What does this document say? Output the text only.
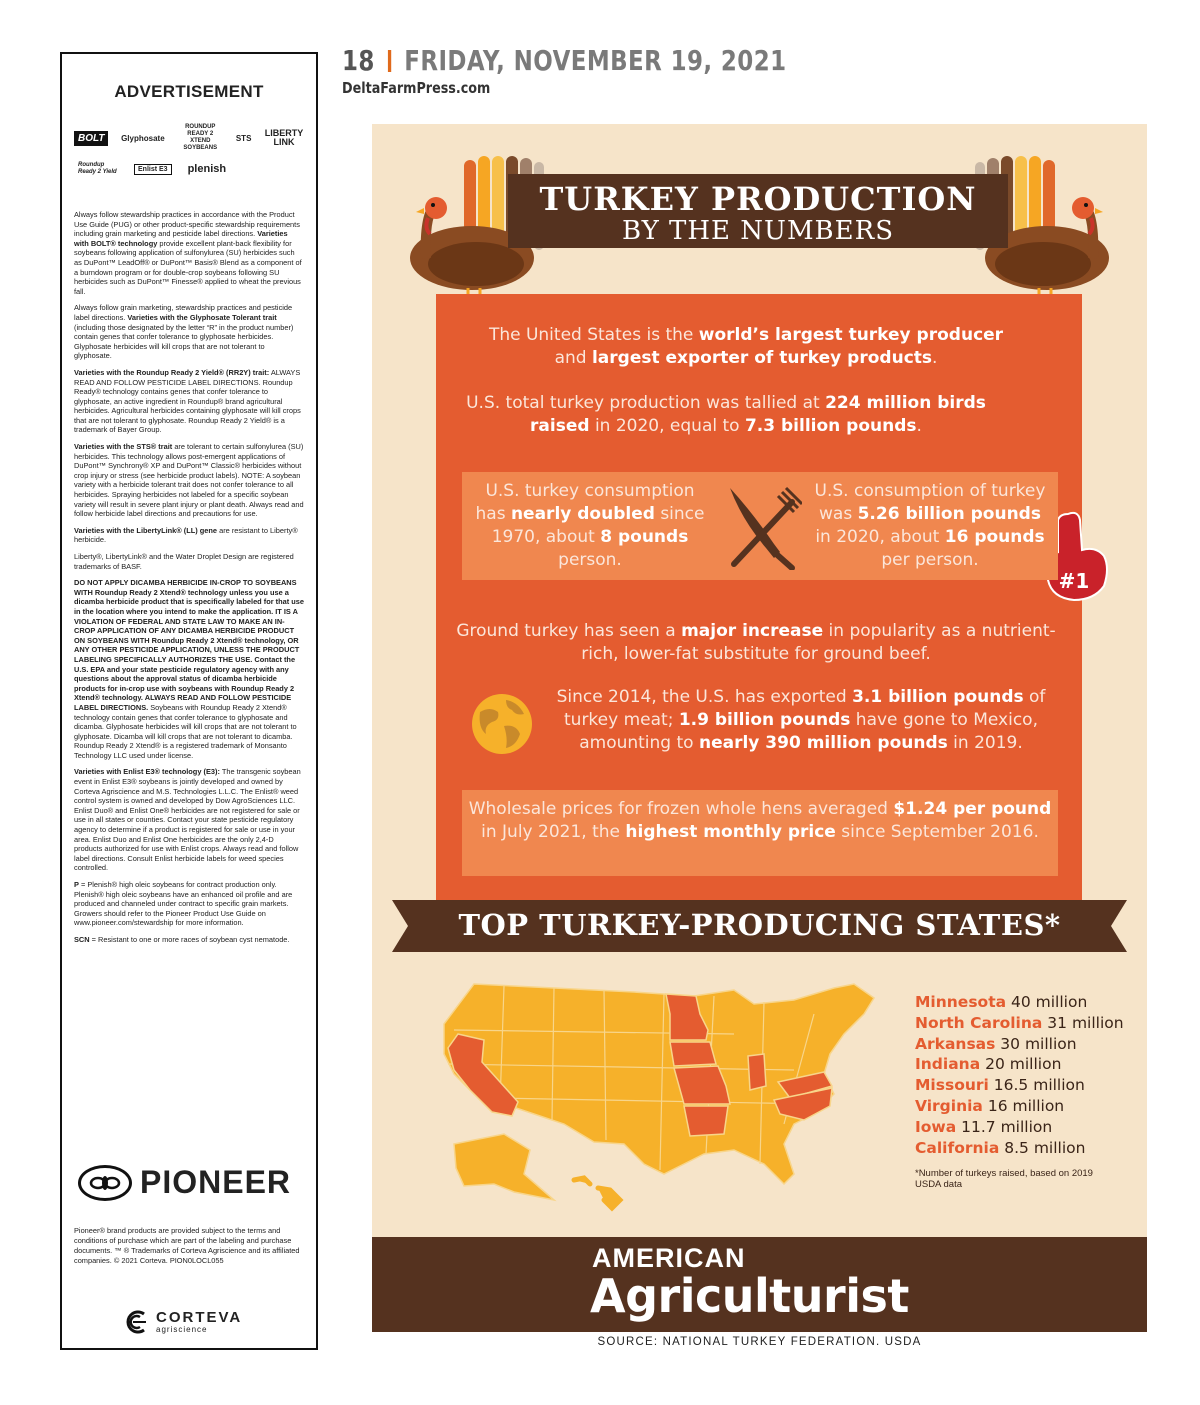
ADVERTISEMENT
BOLT	Glyphosate
ROUNDUP READY 2 XTEND SOYBEANS
STS LIBERTY LINK
Roundup Ready 2 Yield	Enlist E3	plenish

Always follow stewardship practices in accordance with the Product Use Guide (PUG) or other product-specific stewardship requirements including grain marketing and pesticide label directions. Varieties with BOLT® technology provide excellent plant-back flexibility for soybeans following application of sulfonylurea (SU) herbicides such as DuPont™ LeadOff® or DuPont™ Basis® Blend as a component of a burndown program or for double-crop soybeans following SU herbicides such as DuPont™ Finesse® applied to wheat the previous fall.

Always follow grain marketing, stewardship practices and pesticide label directions. Varieties with the Glyphosate Tolerant trait (including those designated by the letter “R” in the product number) contain genes that confer tolerance to glyphosate herbicides. Glyphosate herbicides will kill crops that are not tolerant to glyphosate.

Varieties with the Roundup Ready 2 Yield® (RR2Y) trait: ALWAYS READ AND FOLLOW PESTICIDE LABEL DIRECTIONS. Roundup Ready® technology contains genes that confer tolerance to glyphosate, an active ingredient in Roundup® brand agricultural herbicides. Agricultural herbicides containing glyphosate will kill crops that are not tolerant to glyphosate. Roundup Ready 2 Yield® is a trademark of Bayer Group.

Varieties with the STS® trait are tolerant to certain sulfonylurea (SU) herbicides. This technology allows post-emergent applications of DuPont™ Synchrony® XP and DuPont™ Classic® herbicides without crop injury or stress (see herbicide product labels). NOTE: A soybean variety with a herbicide tolerant trait does not confer tolerance to all herbicides. Spraying herbicides not labeled for a specific soybean variety will result in severe plant injury or plant death. Always read and follow herbicide label directions and precautions for use.

Varieties with the LibertyLink® (LL) gene are resistant to Liberty® herbicide.

Liberty®, LibertyLink® and the Water Droplet Design are registered trademarks of BASF.

DO NOT APPLY DICAMBA HERBICIDE IN-CROP TO SOYBEANS WITH Roundup Ready 2 Xtend® technology unless you use a dicamba herbicide product that is specifically labeled for that use in the location where you intend to make the application. IT IS A VIOLATION OF FEDERAL AND STATE LAW TO MAKE AN IN-CROP APPLICATION OF ANY DICAMBA HERBICIDE PRODUCT ON SOYBEANS WITH Roundup Ready 2 Xtend® technology, OR ANY OTHER PESTICIDE APPLICATION, UNLESS THE PRODUCT LABELING SPECIFICALLY AUTHORIZES THE USE. Contact the U.S. EPA and your state pesticide regulatory agency with any questions about the approval status of dicamba herbicide products for in-crop use with soybeans with Roundup Ready 2 Xtend® technology. ALWAYS READ AND FOLLOW PESTICIDE LABEL DIRECTIONS. Soybeans with Roundup Ready 2 Xtend® technology contain genes that confer tolerance to glyphosate and dicamba. Glyphosate herbicides will kill crops that are not tolerant to glyphosate. Dicamba will kill crops that are not tolerant to dicamba. Roundup Ready 2 Xtend® is a registered trademark of Monsanto Technology LLC used under license.

Varieties with Enlist E3® technology (E3): The transgenic soybean event in Enlist E3® soybeans is jointly developed and owned by Corteva Agriscience and M.S. Technologies L.L.C. The Enlist® weed control system is owned and developed by Dow AgroSciences LLC. Enlist Duo® and Enlist One® herbicides are not registered for sale or use in all states or counties. Contact your state pesticide regulatory agency to determine if a product is registered for sale or use in your area. Enlist Duo and Enlist One herbicides are the only 2,4-D products authorized for use with Enlist crops. Always read and follow label directions. Consult Enlist herbicide labels for weed species controlled.

P = Plenish® high oleic soybeans for contract production only. Plenish® high oleic soybeans have an enhanced oil profile and are produced and channeled under contract to specific grain markets. Growers should refer to the Pioneer Product Use Guide on www.pioneer.com/stewardship for more information.

SCN = Resistant to one or more races of soybean cyst nematode.

PIONEER
Pioneer® brand products are provided subject to the terms and conditions of purchase which are part of the labeling and purchase documents. ™ ® Trademarks of Corteva Agriscience and its affiliated companies. © 2021 Corteva. PION0LOCL055
CORTEVA
agriscience
18 FRIDAY, NOVEMBER 19, 2021
DeltaFarmPress.com
TURKEY PRODUCTION
BY THE NUMBERS

The United States is the world’s largest turkey producer and largest exporter of turkey products.

#1

U.S. total turkey production was tallied at 224 million birds raised in 2020, equal to 7.3 billion pounds.

U.S. turkey consumption has nearly doubled since 1970, about 8 pounds person.

U.S. consumption of turkey was 5.26 billion pounds in 2020, about 16 pounds per person.

Ground turkey has seen a major increase in popularity as a nutrient-rich, lower-fat substitute for ground beef.

Since 2014, the U.S. has exported 3.1 billion pounds of turkey meat; 1.9 billion pounds have gone to Mexico, amounting to nearly 390 million pounds in 2019.

Wholesale prices for frozen whole hens averaged $1.24 per pound in July 2021, the highest monthly price since September 2016.

TOP TURKEY-PRODUCING STATES*
Minnesota 40 million
North Carolina 31 million
Arkansas 30 million
Indiana 20 million
Missouri 16.5 million
Virginia 16 million
Iowa 11.7 million
California 8.5 million
*Number of turkeys raised, based on 2019 USDA data
AMERICAN
Agriculturist
SOURCE: NATIONAL TURKEY FEDERATION. USDA
